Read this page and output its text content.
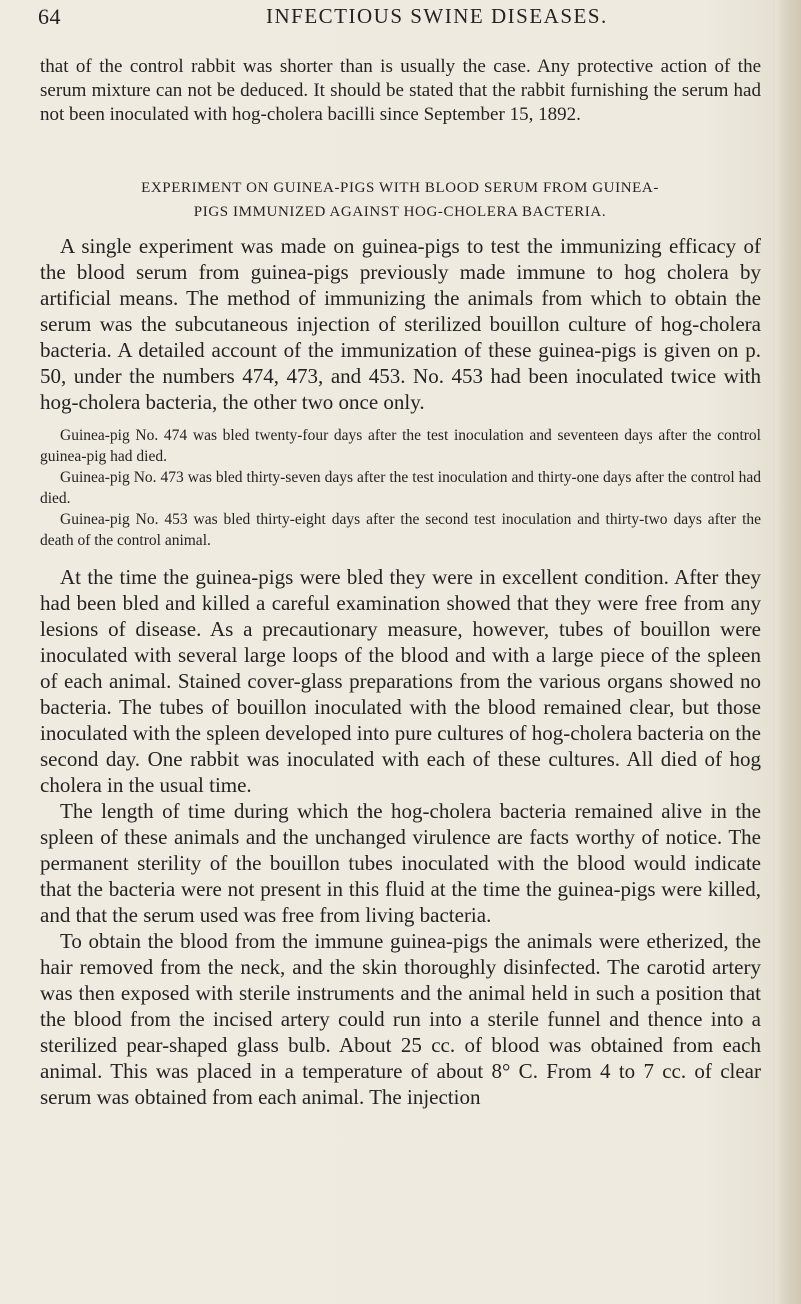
64	INFECTIOUS SWINE DISEASES.

that of the control rabbit was shorter than is usually the case. Any protective action of the serum mixture can not be deduced. It should be stated that the rabbit furnishing the serum had not been inoculated with hog-cholera bacilli since September 15, 1892.

EXPERIMENT ON GUINEA-PIGS WITH BLOOD SERUM FROM GUINEA-
PIGS IMMUNIZED AGAINST HOG-CHOLERA BACTERIA.

A single experiment was made on guinea-pigs to test the immunizing efficacy of the blood serum from guinea-pigs previously made immune to hog cholera by artificial means. The method of immunizing the animals from which to obtain the serum was the subcutaneous injection of sterilized bouillon culture of hog-cholera bacteria. A detailed account of the immunization of these guinea-pigs is given on p. 50, under the numbers 474, 473, and 453. No. 453 had been inoculated twice with hog-cholera bacteria, the other two once only.

Guinea-pig No. 474 was bled twenty-four days after the test inoculation and seventeen days after the control guinea-pig had died.

Guinea-pig No. 473 was bled thirty-seven days after the test inoculation and thirty-one days after the control had died.

Guinea-pig No. 453 was bled thirty-eight days after the second test inoculation and thirty-two days after the death of the control animal.

At the time the guinea-pigs were bled they were in excellent condition. After they had been bled and killed a careful examination showed that they were free from any lesions of disease. As a precautionary measure, however, tubes of bouillon were inoculated with several large loops of the blood and with a large piece of the spleen of each animal. Stained cover-glass preparations from the various organs showed no bacteria. The tubes of bouillon inoculated with the blood remained clear, but those inoculated with the spleen developed into pure cultures of hog-cholera bacteria on the second day. One rabbit was inoculated with each of these cultures. All died of hog cholera in the usual time.

The length of time during which the hog-cholera bacteria remained alive in the spleen of these animals and the unchanged virulence are facts worthy of notice. The permanent sterility of the bouillon tubes inoculated with the blood would indicate that the bacteria were not present in this fluid at the time the guinea-pigs were killed, and that the serum used was free from living bacteria.

To obtain the blood from the immune guinea-pigs the animals were etherized, the hair removed from the neck, and the skin thoroughly disinfected. The carotid artery was then exposed with sterile instruments and the animal held in such a position that the blood from the incised artery could run into a sterile funnel and thence into a sterilized pear-shaped glass bulb. About 25 cc. of blood was obtained from each animal. This was placed in a temperature of about 8° C. From 4 to 7 cc. of clear serum was obtained from each animal. The injection
